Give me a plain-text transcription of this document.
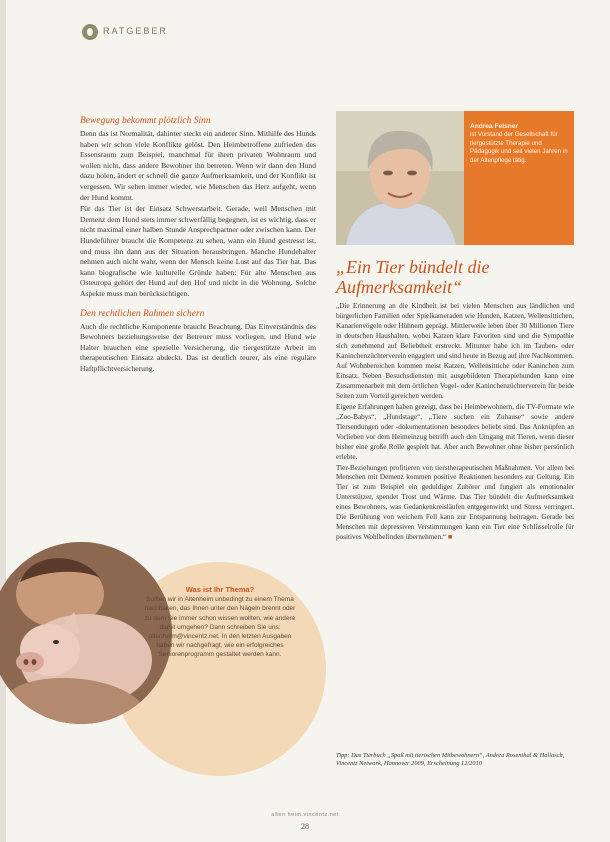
RATGEBER
Bewegung bekommt plötzlich Sinn

Denn das ist Normalität, dahinter steckt ein anderer Sinn. Mithilfe des Hunds haben wir schon viele Konflikte gelöst. Den Heimbetroffene zufrieden des Essensraum zum Beispiel, manchmal für ihren privaten Wohnraum und wollen nicht, dass andere Bewohner ihn betreten. Wenn wir dann den Hund dazu holen, ändert er schnell die ganze Aufmerksamkeit, und der Konflikt ist vergessen. Wir sehen immer wieder, wie Menschen das Herz aufgeht, wenn der Hund kommt.

Für das Tier ist der Einsatz Schwerstarbeit. Gerade, weil Menschen mit Demenz dem Hund stets immer schwerfällig begegnen, ist es wichtig, dass er nicht maximal einer halben Stunde Ansprechpartner oder zwischen kann. Der Hundeführer braucht die Kompetenz zu sehen, wann ein Hund gestresst ist, und muss ihn dann aus der Situation herausbringen. Manche Hundehalter nehmen auch nicht wahr, wenn der Mensch keine Lust auf das Tier hat. Das kann biografische wie kulturelle Gründe haben: Für alte Menschen aus Osteuropa gehört der Hund auf den Hof und nicht in die Wohnung. Solche Aspekte muss man berücksichtigen.

Den rechtlichen Rahmen sichern

Auch die rechtliche Komponente braucht Beachtung. Das Einverständnis des Bewohners beziehungsweise der Betreuer muss vorliegen, und Hund wie Halter brauchen eine spezielle Versicherung, die tiergestützte Arbeit im therapeutischen Einsatz abdeckt. Das ist deutlich teurer, als eine reguläre Haftpflichtversicherung.

Andrea Felsner
ist Vorstand der Gesellschaft für tiergestützte Therapie und Pädagogik und seit vielen Jahren in der Altenpflege tätig.
„Ein Tier bündelt die Aufmerksamkeit“

„Die Erinnerung an die Kindheit ist bei vielen Menschen aus ländlichen und bürgerlichen Familien oder Spielkameraden wie Hunden, Katzen, Wellensittichen, Kanarienvögeln oder Hühnern geprägt. Mittlerweile leben über 30 Millionen Tiere in deutschen Haushalten, wobei Katzen klare Favoriten sind und die Sympathie sich zunehmend auf Beliebtheit erstreckt. Mitunter habe ich im Tauben- oder Kaninchenzüchterverein engagiert und sind heute in Bezug auf ihre Nachkommen.

Auf Wohnbereichen kommen meist Katzen, Wellensittiche oder Kaninchen zum Einsatz. Neben Besuchsdiensten mit ausgebildeten Therapiehunden kann eine Zusammenarbeit mit dem örtlichen Vogel- oder Kaninchenzüchterverein für beide Seiten zum Vorteil gereichen werden.

Eigene Erfahrungen haben gezeigt, dass bei Heimbewohnern, die TV-Formate wie „Zoo-Babys“, „Hundstage“, „Tiere suchen ein Zuhause“ sowie andere Tiersendungen oder -dokumentationen besonders beliebt sind. Das Anknüpfen an Vorlieben vor dem Heimeinzug betrifft auch den Umgang mit Tieren, wenn dieser bisher eine große Rolle gespielt hat. Aber auch Bewohner ohne bisher persönlich erlebte.

Tier-Beziehungen profitieren von tierstherapeutischen Maßnahmen. Vor allem bei Menschen mit Demenz kommen positive Reaktionen besonders zur Geltung. Ein Tier ist zum Beispiel ein geduldiger Zuhörer und fungiert als emotionaler Unterstützer, spendet Trost und Wärme. Das Tier bündelt die Aufmerksamkeit eines Bewohners, was Gedankenkreisläufen entgegenwirkt und Stress verringert. Die Berührung von weichem Fell kann zur Entspannung beitragen. Gerade bei Menschen mit depressiven Verstimmungen kann ein Tier eine Schlüsselrolle für positives Wohlbefinden übernehmen.“ ■

Tipp: Das Tierbuch „Spaß mit tierischen Mitbewohnern“, Andrea Rosenthal & Hallasch, Vincentz Network, Hannover 2009, Erscheinung 12/2010
Was ist Ihr Thema?
Sollten wir in Altenheim unbedingt zu einem Thema nachhaken, das Ihnen unter den Nägeln brennt oder zu dem Sie immer schon wissen wollten, wie andere damit umgehen? Dann schreiben Sie uns: altenheim@vincentz.net. In den letzten Ausgaben haben wir nachgefragt, wie ein erfolgreiches Seniorenprogramm gestaltet werden kann.
alten heim.vincentz.net
28
